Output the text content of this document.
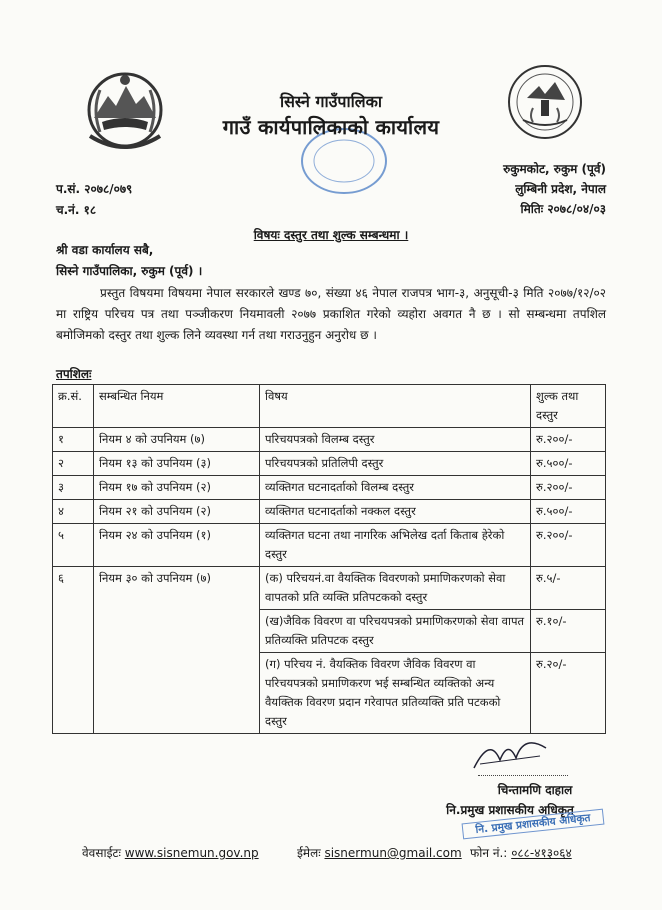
सिस्ने गाउँपालिका
गाउँ कार्यपालिकाको कार्यालय
रुकुमकोट, रुकुम (पूर्व)
लुम्बिनी प्रदेश, नेपाल
मितिः २०७८/०४/०३
प.सं. २०७८/०७९
च.नं. १८
विषयः दस्तुर तथा शुल्क सम्बन्धमा ।
श्री वडा कार्यालय सबै,
सिस्ने गाउँपालिका, रुकुम (पूर्व) ।
प्रस्तुत विषयमा विषयमा नेपाल सरकारले खण्ड ७०, संख्या ४६ नेपाल राजपत्र भाग-३, अनुसूची-३ मिति २०७७/१२/०२ मा राष्ट्रिय परिचय पत्र तथा पञ्जीकरण नियमावली २०७७ प्रकाशित गरेको व्यहोरा अवगत नै छ । सो सम्बन्धमा तपशिल बमोजिमको दस्तुर तथा शुल्क लिने व्यवस्था गर्न तथा गराउनुहुन अनुरोध छ ।
तपशिलः
क्र.सं.	सम्बन्धित नियम	विषय	शुल्क तथा दस्तुर
१	नियम ४ को उपनियम (७)	परिचयपत्रको विलम्ब दस्तुर	रु.२००/-
२	नियम १३ को उपनियम (३)	परिचयपत्रको प्रतिलिपी दस्तुर	रु.५००/-
३	नियम १७ को उपनियम (२)	व्यक्तिगत घटनादर्ताको विलम्ब दस्तुर	रु.२००/-
४	नियम २१ को उपनियम (२)	व्यक्तिगत घटनादर्ताको नक्कल दस्तुर	रु.५००/-
५	नियम २४ को उपनियम (१)	व्यक्तिगत घटना तथा नागरिक अभिलेख दर्ता किताब हेरेको दस्तुर	रु.२००/-
६	नियम ३० को उपनियम (७)	(क) परिचयनं.वा वैयक्तिक विवरणको प्रमाणिकरणको सेवा वापतको प्रति व्यक्ति प्रतिपटकको दस्तुर	रु.५/-
		(ख)जैविक विवरण वा परिचयपत्रको प्रमाणिकरणको सेवा वापत प्रतिव्यक्ति प्रतिपटक दस्तुर	रु.१०/-
		(ग) परिचय नं. वैयक्तिक विवरण जैविक विवरण वा परिचयपत्रको प्रमाणिकरण भई सम्बन्धित व्यक्तिको अन्य वैयक्तिक विवरण प्रदान गरेवापत प्रतिव्यक्ति प्रति पटकको दस्तुर	रु.२०/-
चिन्तामणि दाहाल
नि.प्रमुख प्रशासकीय अधिकृत
नि. प्रमुख प्रशासकीय अधिकृत
वेवसाईटः www.sisnemun.gov.np	ईमेलः sisnermun@gmail.com फोन नं.: ०८८-४१३०६४
